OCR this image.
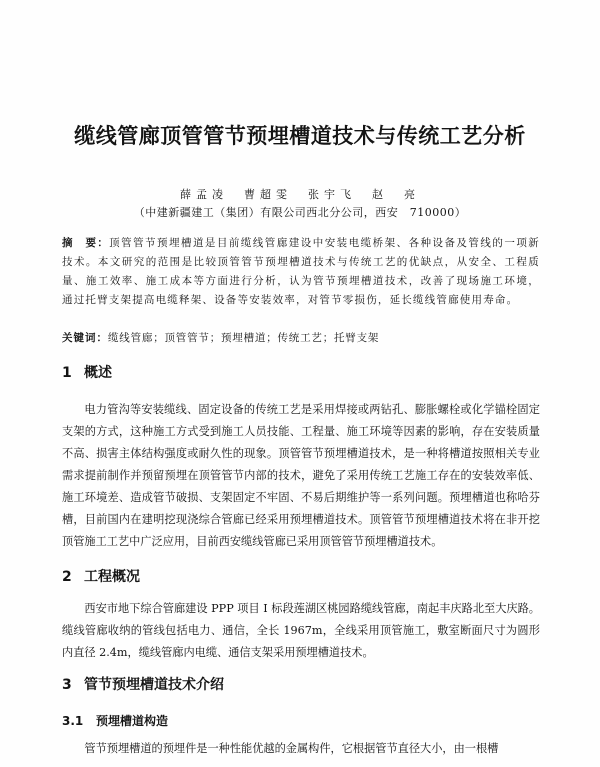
缆线管廊顶管管节预埋槽道技术与传统工艺分析
薛孟凌　曹超雯　张宇飞　赵　亮
（中建新疆建工（集团）有限公司西北分公司，西安　710000）
摘　要：顶管管节预埋槽道是目前缆线管廊建设中安装电缆桥架、各种设备及管线的一项新技术。本文研究的范围是比较顶管管节预埋槽道技术与传统工艺的优缺点，从安全、工程质量、施工效率、施工成本等方面进行分析，认为管节预埋槽道技术，改善了现场施工环境，通过托臂支架提高电缆释架、设备等安装效率，对管节零损伤，延长缆线管廊使用寿命。
关键词：缆线管廊；顶管管节；预埋槽道；传统工艺；托臂支架
1 概述
电力管沟等安装缆线、固定设备的传统工艺是采用焊接或两钻孔、膨胀螺栓或化学锚栓固定支架的方式，这种施工方式受到施工人员技能、工程量、施工环境等因素的影响，存在安装质量不高、损害主体结构强度或耐久性的现象。顶管管节预埋槽道技术，是一种将槽道按照相关专业需求提前制作并预留预埋在顶管管节内部的技术，避免了采用传统工艺施工存在的安装效率低、施工环境差、造成管节破损、支架固定不牢固、不易后期维护等一系列问题。预埋槽道也称哈芬槽，目前国内在建明挖现浇综合管廊已经采用预埋槽道技术。顶管管节预埋槽道技术将在非开挖顶管施工工艺中广泛应用，目前西安缆线管廊已采用顶管管节预埋槽道技术。
2 工程概况
西安市地下综合管廊建设 PPP 项目 I 标段莲湖区桃园路缆线管廊，南起丰庆路北至大庆路。缆线管廊收纳的管线包括电力、通信，全长 1967m，全线采用顶管施工，敷室断面尺寸为圆形内直径 2.4m，缆线管廊内电缆、通信支架采用预埋槽道技术。
3 管节预埋槽道技术介绍
3.1 预埋槽道构造
管节预埋槽道的预埋件是一种性能优越的金属构件，它根据管节直径大小，由一根槽
